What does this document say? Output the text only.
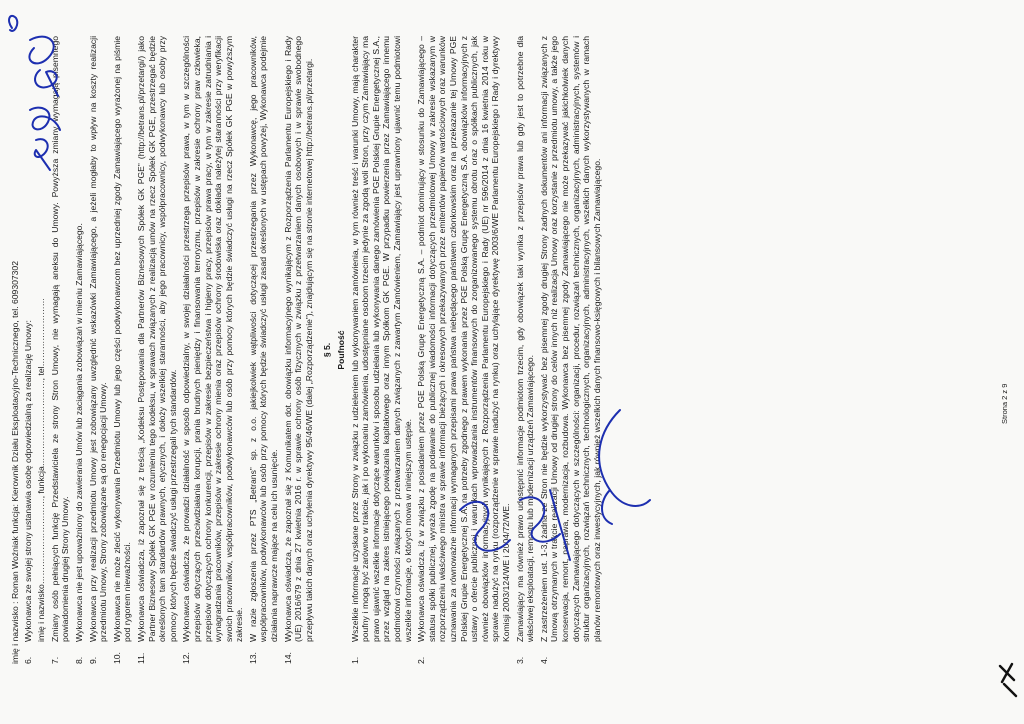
imię i nazwisko : Roman Woźniak funkcja: Kierownik Działu Eksploatacyjno-Technicznego, tel. 609307302 6.
Wykonawca ze swojej strony ustanawia osobę odpowiedzialną za realizację Umowy: imię i nazwisko…………………………, funkcja…………………………, tel……………………
7.
Zmiany osób pełniących funkcję Przedstawiciela ze strony Stron Umowy, nie wymagają aneksu do Umowy. Powyższa zmiany wymagają pisemnego powiadomienia drugiej Strony Umowy.
8.
Wykonawca nie jest upoważniony do zawierania Umów lub zaciągania zobowiązań w imieniu Zamawiającego.
9.
Wykonawca przy realizacji przedmiotu Umowy jest zobowiązany uwzględnić wskazówki Zamawiającego, a jeżeli mogłaby to wpływ na koszty realizacji przedmiotu Umowy, Strony zobowiązane są do renegocjacji Umowy.
10.
Wykonawca nie może zlecić wykonywania Przedmiotu Umowy lub jego części podwykonawcom bez uprzedniej zgody Zamawiającego wyrażonej na piśmie pod rygorem nieważności.
11.
Wykonawca oświadcza, iż zapoznał się z treścią „Kodeksu Postępowania dla Partnerów Biznesowych Spółek GK PGE” (http://betrans.pl/przetargi/) jako Partner Biznesowy Spółek GK PGE w rozumieniu tego kodeksu, w sprawach związanych z realizacją umów na rzecz Spółek GK PGE, przestrzegać będzie określonych tam standardów prawnych, etycznych, i dołoży wszelkiej staranności, aby jego pracownicy, współpracownicy, podwykonawcy lub osoby przy pomocy których będzie świadczyć usługi przestrzegali tych standardów.
12.
Wykonawca oświadcza, że prowadzi działalność w sposób odpowiedzialny, w swojej działalności przestrzega przepisów prawa, w tym w szczególności przepisów dotyczących przeciwdziałania korupcji, prania brudnych pieniędzy i finansowania terroryzmu, przepisów w zakresie ochrony praw człowieka, przepisów dotyczących ochrony konkurencji, przepisów w zakresie bezpieczeństwa i higieny pracy, przepisów prawa pracy, w tym w zakresie zatrudniania i wynagradzania pracowników, przepisów w zakresie ochrony mienia oraz przepisów ochrony środowiska oraz dokłada należytej staranności przy weryfikacji swoich pracowników, współpracowników, podwykonawców lub osób przy pomocy których będzie świadczyć usługi na rzecz Spółek GK PGE w powyższym zakresie.
13.
W razie zgłoszenia przez PTS „Betrans” sp. z o.o. jakiejkolwiek wątpliwości dotyczącej przestrzegania przez Wykonawcę, jego pracowników, współpracowników, podwykonawców lub osób przy pomocy których będzie świadczyć usługi zasad określonych w ustępach powyżej, Wykonawca podejmie działania naprawcze mające na celu ich usunięcie.
14.
Wykonawca oświadcza, że zapoznał się z Komunikatem dot. obowiązku informacyjnego wynikającym z Rozporządzenia Parlamentu Europejskiego i Rady (UE) 2016/679 z dnia 27 kwietnia 2016 r. w sprawie ochrony osób fizycznych w związku z przetwarzaniem danych osobowych i w sprawie swobodnego przepływu takich danych oraz uchylenia dyrektywy 95/46/WE (dalej „Rozporządzenie”), znajdującym się na stronie internetowej http://betrans.pl/przetargi. § 5. Poufność
1.
Wszelkie informacje uzyskane przez Strony w związku z udzieleniem lub wykonywaniem zamówienia, w tym również treść i warunki Umowy, mają charakter poufny i mogą być zarówno w trakcie, jak i po wykonaniu zamówienia, udostępniane osobom trzecim jedynie za zgodą woli Stron, przy czym Zamawiający ma prawo ujawnić wszelkie informacje dotyczące warunków i sposobu udzielania lub wykonywania danego zamówienia PGE Polskiej Grupie Energetycznej S.A., przez wzgląd na zakres istniejącego powiązania kapitałowego oraz innym Spółkom GK PGE. W przypadku powierzenia przez Zamawiającego innemu podmiotowi czynności związanych z przetwarzaniem danych związanych z zawartym Zamówieniem, Zamawiający jest uprawniony ujawnić temu podmiotowi wszelkie informacje, o których mowa w niniejszym ustępie.
2.
Wykonawca oświadcza, iż w związku z posiadaniem przez PGE Polską Grupę Energetyczną S.A. – podmiot dominujący w stosunku do Zamawiającego – statusu spółki publicznej, wyraża zgodę na podawanie do publicznej wiadomości informacji dotyczących przedmiotowej Umowy w zakresie wskazanym w rozporządzeniu właściwego ministra w sprawie informacji bieżących i okresowych przekazywanych przez emitentów papierów wartościowych oraz warunków uznawania za równoważne informacji wymaganych przepisami prawa państwa niebędącego państwem członkowskim oraz na przekazanie tej Umowy PGE Polskiej Grupie Energetycznej S.A. na potrzeby zgodnego z prawem wykonania przez PGE Polską Grupę Energetyczną S.A. obowiązków informacyjnych z ustawy o ofercie publicznej i warunkach wprowadzania instrumentów finansowych do zorganizowanego systemu obrotu oraz o spółkach publicznych, jak również obowiązków informacyjnych wynikających z Rozporządzenia Parlamentu Europejskiego i Rady (UE) nr 596/2014 z dnia 16 kwietnia 2014 roku w sprawie nadużyć na rynku (rozporządzenie w sprawie nadużyć na rynku) oraz uchylające dyrektywę 2003/6/WE Parlamentu Europejskiego i Rady i dyrektywy Komisji 2003/124/WE i 2004/72/WE.
3.
Zamawiający ma również prawo udostępnić informacje podmiotom trzecim, gdy obowiązek taki wynika z przepisów prawa lub gdy jest to potrzebne dla właściwej eksploatacji, remontu lub modernizacji urządzeń Zamawiającego.
4.
Z zastrzeżeniem ust. 1-3, żadna ze Stron nie będzie wykorzystywać bez pisemnej zgody drugiej Strony żadnych dokumentów ani informacji związanych z Umową otrzymanych w trakcie realizacji Umowy od drugiej strony do celów innych niż realizacja Umowy oraz korzystanie z przedmiotu umowy, a także jego konserwacja, remont, naprawa, modernizacja, rozbudowa. Wykonawca bez pisemnej zgody Zamawiającego nie może przekazywać jakichkolwiek danych dotyczących Zamawiającego dotyczących w szczególności: organizacji, procedur, rozwiązań technicznych, organizacyjnych, administracyjnych, systemów i struktur organizacyjnych, rozwiązań technicznych, technologicznych, organizacyjnych, administracyjnych, wszelkich danych wykorzystywanych w ramach planów remontowych oraz inwestycyjnych, jak również wszelkich danych finansowo-księgowych i bilansowych Zamawiającego.	Strona 2 z 9
